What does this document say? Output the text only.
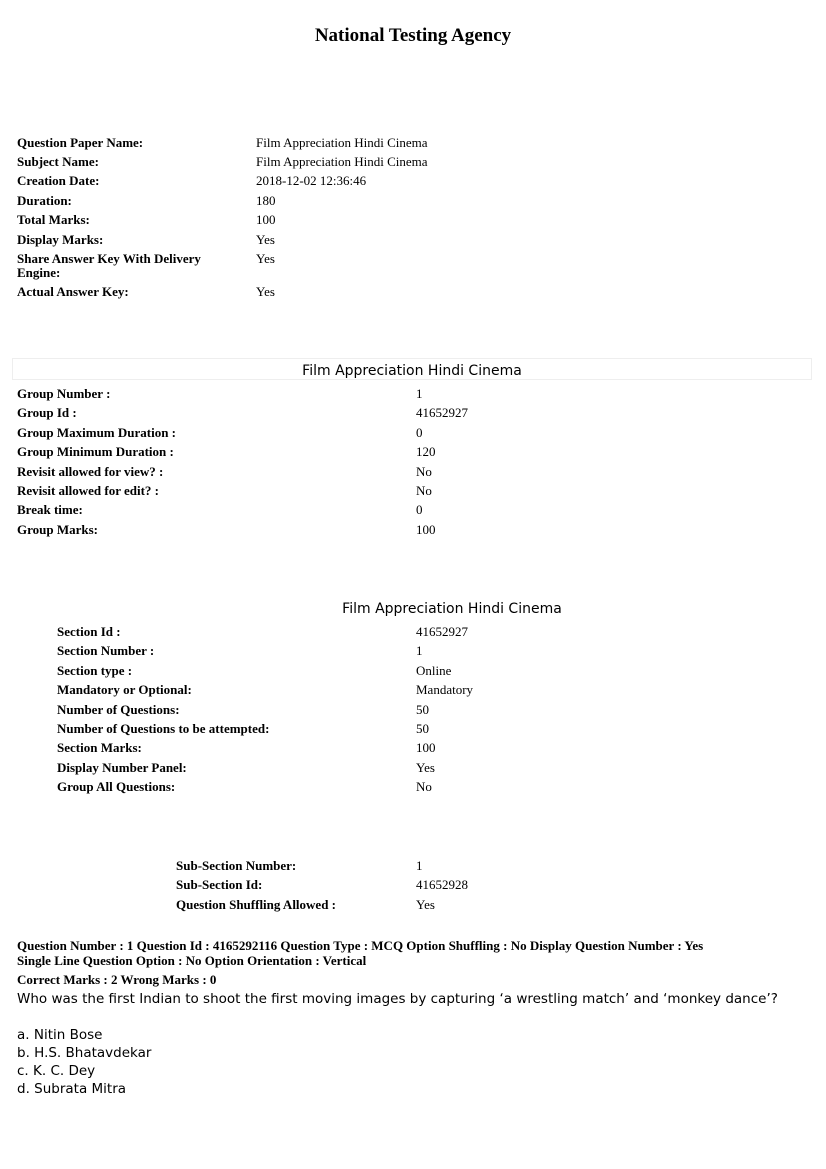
National Testing Agency
Question Paper Name:	Film Appreciation Hindi Cinema
Subject Name:	Film Appreciation Hindi Cinema
Creation Date:	2018-12-02 12:36:46
Duration:	180
Total Marks:	100
Display Marks:	Yes
Share Answer Key With Delivery Engine:
Yes
Actual Answer Key:	Yes
Film Appreciation Hindi Cinema
Group Number :	1
Group Id :	41652927
Group Maximum Duration :	0
Group Minimum Duration :	120
Revisit allowed for view? :	No
Revisit allowed for edit? :	No
Break time:	0
Group Marks:	100
Film Appreciation Hindi Cinema
Section Id :	41652927
Section Number :	1
Section type :	Online
Mandatory or Optional:	Mandatory
Number of Questions:	50
Number of Questions to be attempted:	50
Section Marks:	100
Display Number Panel:	Yes
Group All Questions:	No
Sub-Section Number:	1
Sub-Section Id:	41652928
Question Shuffling Allowed :	Yes
Question Number : 1 Question Id : 4165292116 Question Type : MCQ Option Shuffling : No Display Question Number : Yes
Single Line Question Option : No Option Orientation : Vertical
Correct Marks : 2 Wrong Marks : 0
Who was the first Indian to shoot the first moving images by capturing ‘a wrestling match’ and ‘monkey dance’?
a. Nitin Bose
b. H.S. Bhatavdekar
c. K. C. Dey
d. Subrata Mitra
